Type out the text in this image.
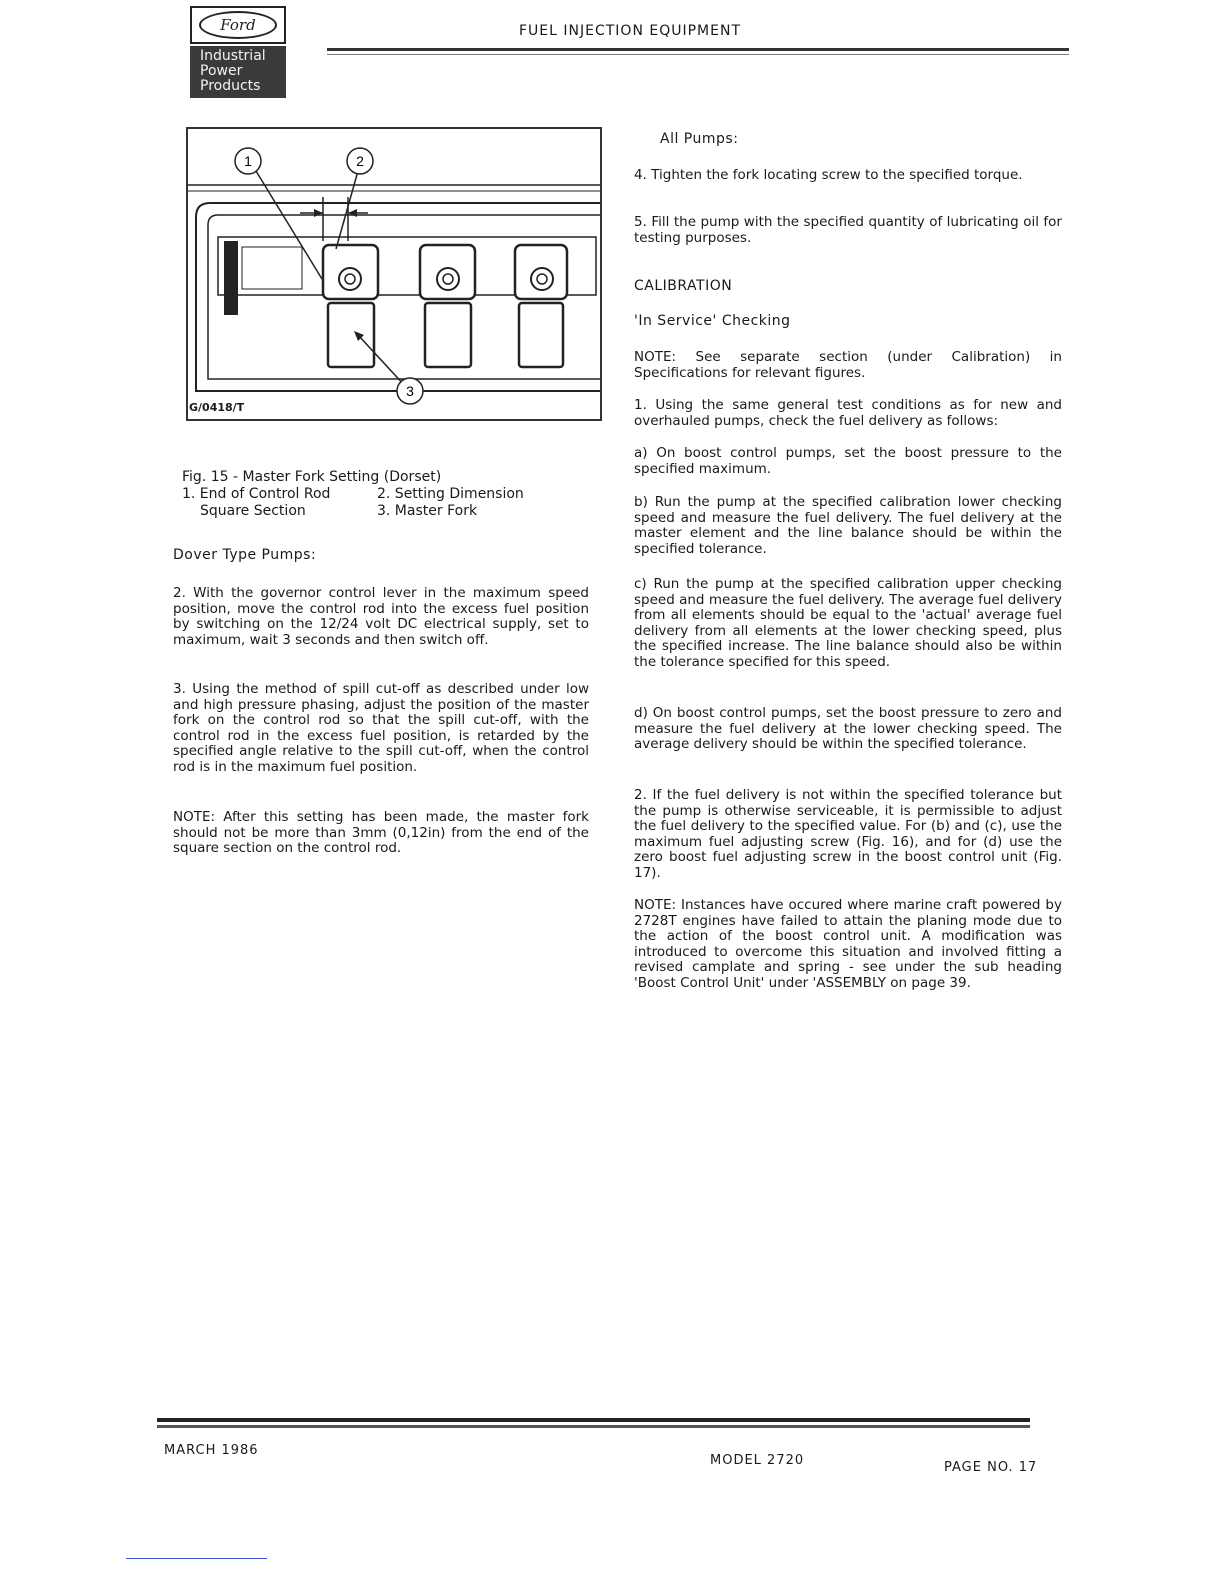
Ford
Industrial
Power
Products
FUEL INJECTION EQUIPMENT
1	2
3
G/0418/T
Fig. 15 - Master Fork Setting (Dorset)
1. End of Control Rod	2. Setting Dimension
Square Section	3. Master Fork

Dover Type Pumps:

2. With the governor control lever in the maximum speed position, move the control rod into the excess fuel position by switching on the 12/24 volt DC electrical supply, set to maximum, wait 3 seconds and then switch off.

3. Using the method of spill cut-off as described under low and high pressure phasing, adjust the position of the master fork on the control rod so that the spill cut-off, with the control rod in the excess fuel position, is retarded by the specified angle relative to the spill cut-off, when the control rod is in the maximum fuel position.

NOTE: After this setting has been made, the master fork should not be more than 3mm (0,12in) from the end of the square section on the control rod.

All Pumps:

4. Tighten the fork locating screw to the specified torque.

5. Fill the pump with the specified quantity of lubricating oil for testing purposes.

CALIBRATION

'In Service' Checking

NOTE: See separate section (under Calibration) in Specifications for relevant figures.

1. Using the same general test conditions as for new and overhauled pumps, check the fuel delivery as follows:

a) On boost control pumps, set the boost pressure to the specified maximum.

b) Run the pump at the specified calibration lower checking speed and measure the fuel delivery. The fuel delivery at the master element and the line balance should be within the specified tolerance.

c) Run the pump at the specified calibration upper checking speed and measure the fuel delivery. The average fuel delivery from all elements should be equal to the 'actual' average fuel delivery from all elements at the lower checking speed, plus the specified increase. The line balance should also be within the tolerance specified for this speed.

d) On boost control pumps, set the boost pressure to zero and measure the fuel delivery at the lower checking speed. The average delivery should be within the specified tolerance.

2. If the fuel delivery is not within the specified tolerance but the pump is otherwise serviceable, it is permissible to adjust the fuel delivery to the specified value. For (b) and (c), use the maximum fuel adjusting screw (Fig. 16), and for (d) use the zero boost fuel adjusting screw in the boost control unit (Fig. 17).

NOTE: Instances have occured where marine craft powered by 2728T engines have failed to attain the planing mode due to the action of the boost control unit. A modification was introduced to overcome this situation and involved fitting a revised camplate and spring - see under the sub heading 'Boost Control Unit' under 'ASSEMBLY on page 39.

MARCH 1986
MODEL 2720	PAGE NO. 17
